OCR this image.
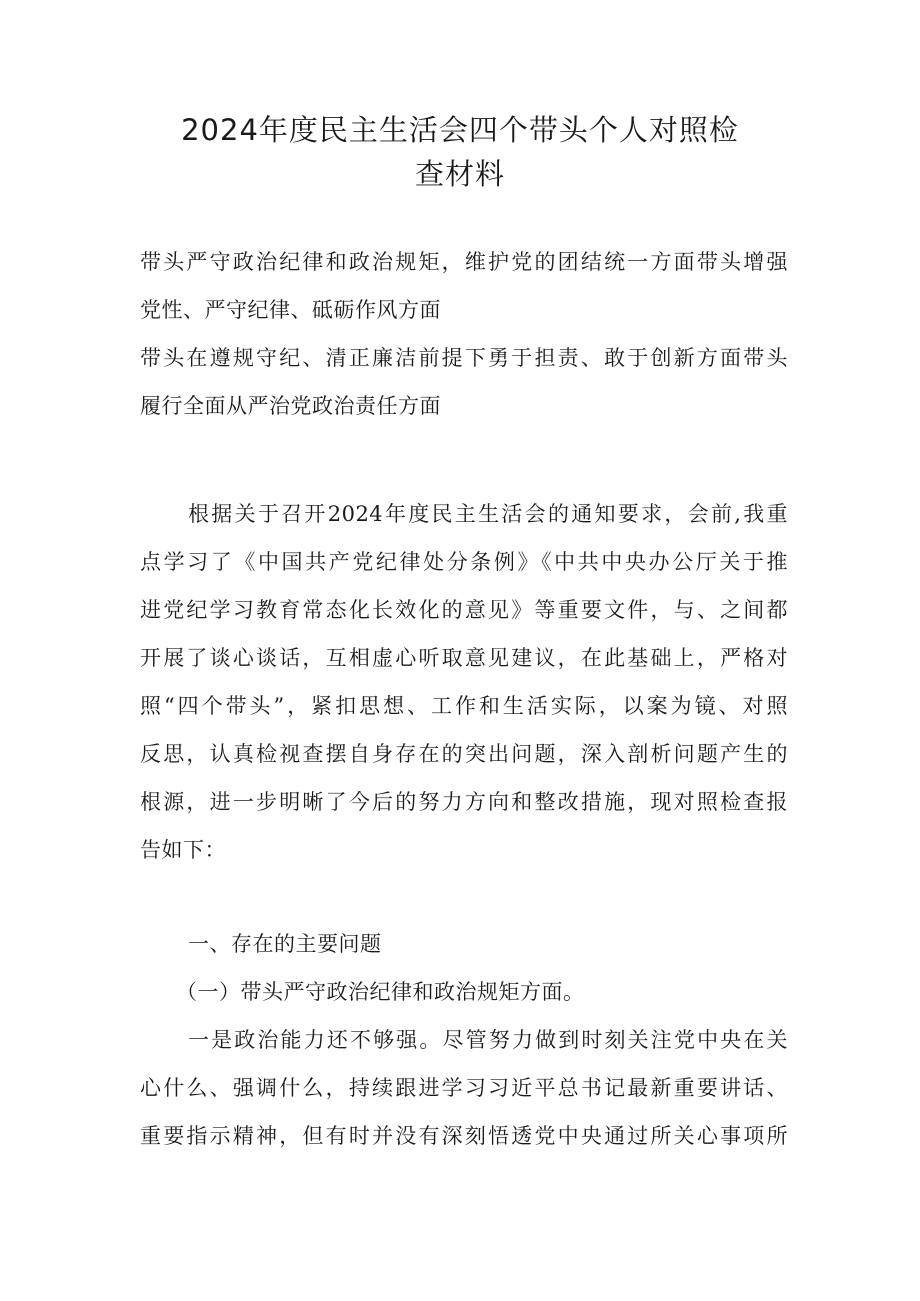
2024年度民主生活会四个带头个人对照检
查材料
带头严守政治纪律和政治规矩，维护党的团结统一方面带头增强
党性、严守纪律、砥砺作风方面
带头在遵规守纪、清正廉洁前提下勇于担责、敢于创新方面带头
履行全面从严治党政治责任方面
根据关于召开2024年度民主生活会的通知要求，会前,我重
点学习了《中国共产党纪律处分条例》《中共中央办公厅关于推
进党纪学习教育常态化长效化的意见》等重要文件，与、之间都
开展了谈心谈话，互相虚心听取意见建议，在此基础上，严格对
照“四个带头”，紧扣思想、工作和生活实际，以案为镜、对照
反思，认真检视查摆自身存在的突出问题，深入剖析问题产生的
根源，进一步明晰了今后的努力方向和整改措施，现对照检查报
告如下：
一、存在的主要问题
（一）带头严守政治纪律和政治规矩方面。
一是政治能力还不够强。尽管努力做到时刻关注党中央在关
心什么、强调什么，持续跟进学习习近平总书记最新重要讲话、
重要指示精神，但有时并没有深刻悟透党中央通过所关心事项所
